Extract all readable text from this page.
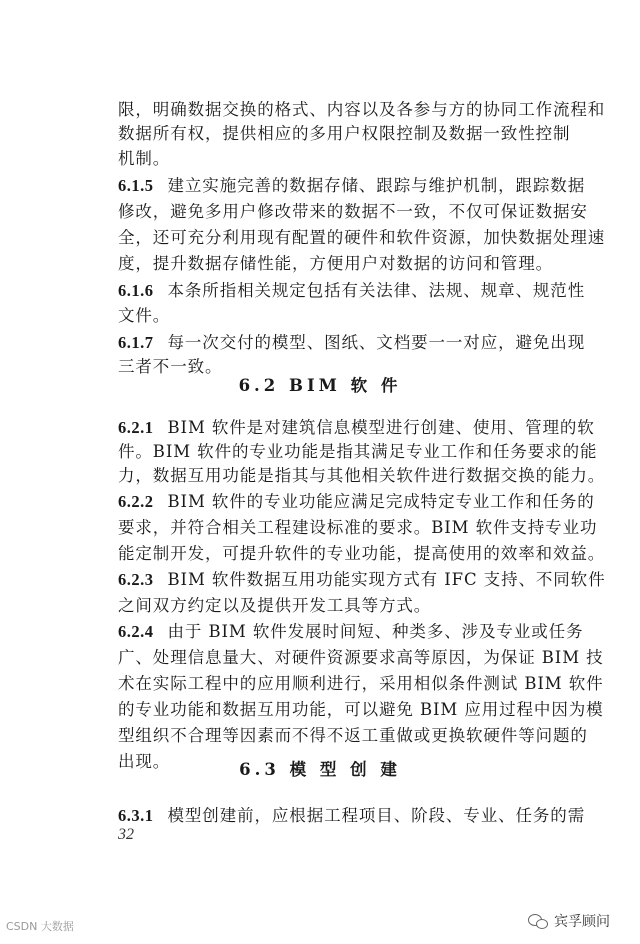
限，明确数据交换的格式、内容以及各参与方的协同工作流程和
数据所有权，提供相应的多用户权限控制及数据一致性控制
机制。
6.1.5 建立实施完善的数据存储、跟踪与维护机制，跟踪数据
修改，避免多用户修改带来的数据不一致，不仅可保证数据安
全，还可充分利用现有配置的硬件和软件资源，加快数据处理速
度，提升数据存储性能，方便用户对数据的访问和管理。
6.1.6 本条所指相关规定包括有关法律、法规、规章、规范性
文件。
6.1.7 每一次交付的模型、图纸、文档要一一对应，避免出现
三者不一致。
6.2.1 BIM 软件是对建筑信息模型进行创建、使用、管理的软
件。BIM 软件的专业功能是指其满足专业工作和任务要求的能
力，数据互用功能是指其与其他相关软件进行数据交换的能力。
6.2.2 BIM 软件的专业功能应满足完成特定专业工作和任务的
要求，并符合相关工程建设标准的要求。BIM 软件支持专业功
能定制开发，可提升软件的专业功能，提高使用的效率和效益。
6.2.3 BIM 软件数据互用功能实现方式有 IFC 支持、不同软件
之间双方约定以及提供开发工具等方式。
6.2.4 由于 BIM 软件发展时间短、种类多、涉及专业或任务
广、处理信息量大、对硬件资源要求高等原因，为保证 BIM 技
术在实际工程中的应用顺利进行，采用相似条件测试 BIM 软件
的专业功能和数据互用功能，可以避免 BIM 应用过程中因为模
型组织不合理等因素而不得不返工重做或更换软硬件等问题的
出现。
6.3.1 模型创建前，应根据工程项目、阶段、专业、任务的需
6.2 BIM 软 件
6.3 模 型 创 建
32
CSDN 大数据	宾孚顾问
